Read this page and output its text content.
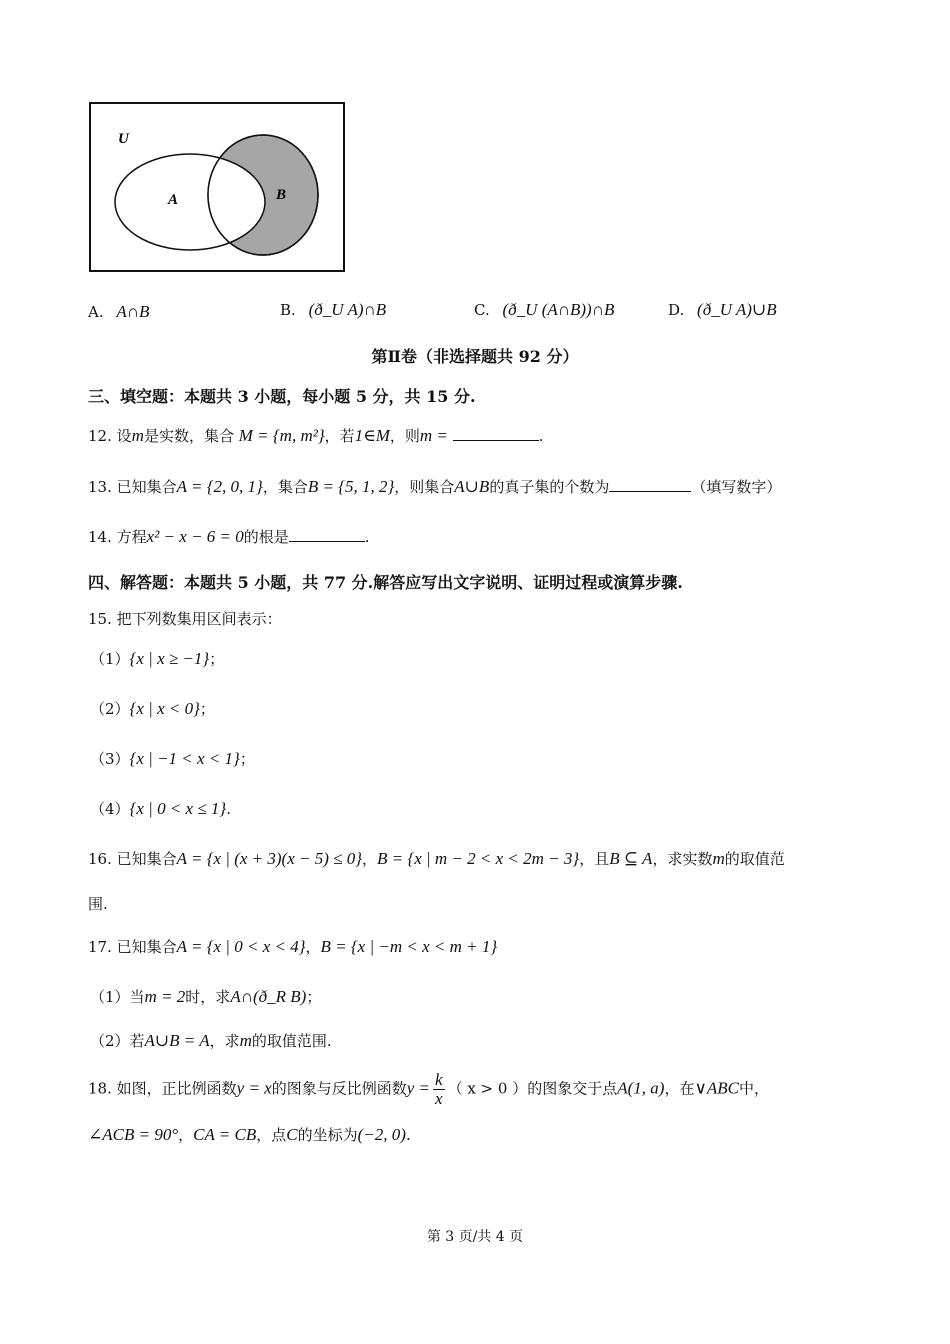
U
A	B
A. A∩B	B. (ð_U A)∩B	C. (ð_U (A∩B))∩B	D. (ð_U A)∪B
第Ⅱ卷（非选择题共 92 分）
三、填空题：本题共 3 小题，每小题 5 分，共 15 分.
12. 设m是实数，集合 M = {m, m²}，若1∈M，则m =	.
13. 已知集合A = {2, 0, 1}，集合B = {5, 1, 2}，则集合A∪B的真子集的个数为	（填写数字）
14. 方程x² − x − 6 = 0的根是	.
四、解答题：本题共 5 小题，共 77 分.解答应写出文字说明、证明过程或演算步骤.
15. 把下列数集用区间表示：
（1）{x | x ≥ −1}；
（2）{x | x < 0}；
（3）{x | −1 < x < 1}；
（4）{x | 0 < x ≤ 1}.
16. 已知集合A = {x | (x + 3)(x − 5) ≤ 0}，B = {x | m − 2 < x < 2m − 3}，且B ⊆ A，求实数m的取值范
围.
17. 已知集合A = {x | 0 < x < 4}，B = {x | −m < x < m + 1}
（1）当m = 2时，求A∩(ð_R B)；
（2）若A∪B = A，求m的取值范围.
18. 如图，正比例函数y = x的图象与反比例函数$y = \frac{k}{x}$ （ x > 0 ）的图象交于点A(1, a)，在∨ABC中，
∠ACB = 90°，CA = CB，点C的坐标为(−2, 0).
第 3 页/共 4 页
